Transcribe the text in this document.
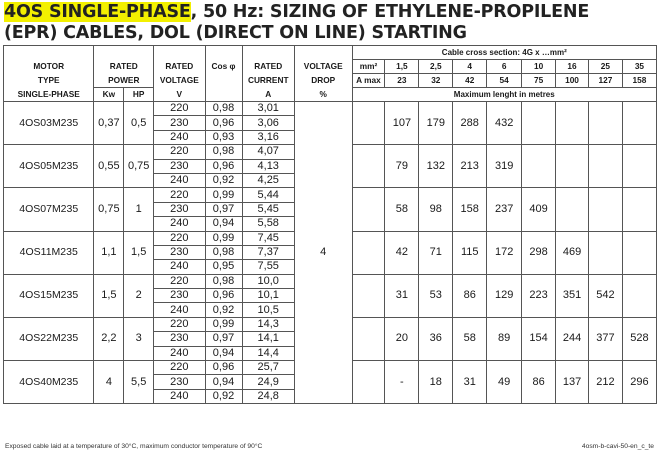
4OS SINGLE-PHASE, 50 Hz: SIZING OF ETHYLENE-PROPILENE
(EPR) CABLES, DOL (DIRECT ON LINE) STARTING
							Cable cross section: 4G x …mm²								
MOTOR	RATED		RATED	Cos φ	RATED	VOLTAGE	mm²	1,5	2,5	4	6	10	16	25	35
TYPE	POWER		VOLTAGE		CURRENT	DROP	A max	23	32	42	54	75	100	127	158
SINGLE-PHASE	Kw	HP	V		A	%	Maximum lenght in metres								
4OS03M235	0,37	0,5	220	0,98	3,01	4		107	179	288	432				
			230	0,96	3,06										
			240	0,93	3,16										
4OS05M235	0,55	0,75	220	0,98	4,07			79	132	213	319				
			230	0,96	4,13										
			240	0,92	4,25										
4OS07M235	0,75	1	220	0,99	5,44			58	98	158	237	409			
			230	0,97	5,45										
			240	0,94	5,58										
4OS11M235	1,1	1,5	220	0,99	7,45			42	71	115	172	298	469		
			230	0,98	7,37										
			240	0,95	7,55										
4OS15M235	1,5	2	220	0,98	10,0			31	53	86	129	223	351	542	
			230	0,96	10,1										
			240	0,92	10,5										
4OS22M235	2,2	3	220	0,99	14,3			20	36	58	89	154	244	377	528
			230	0,97	14,1										
			240	0,94	14,4										
4OS40M235	4	5,5	220	0,96	25,7			-	18	31	49	86	137	212	296
			230	0,94	24,9										
			240	0,92	24,8										
Exposed cable laid at a temperature of 30°C, maximum conductor temperature of 90°C	4osm-b-cavi-50-en_c_te
